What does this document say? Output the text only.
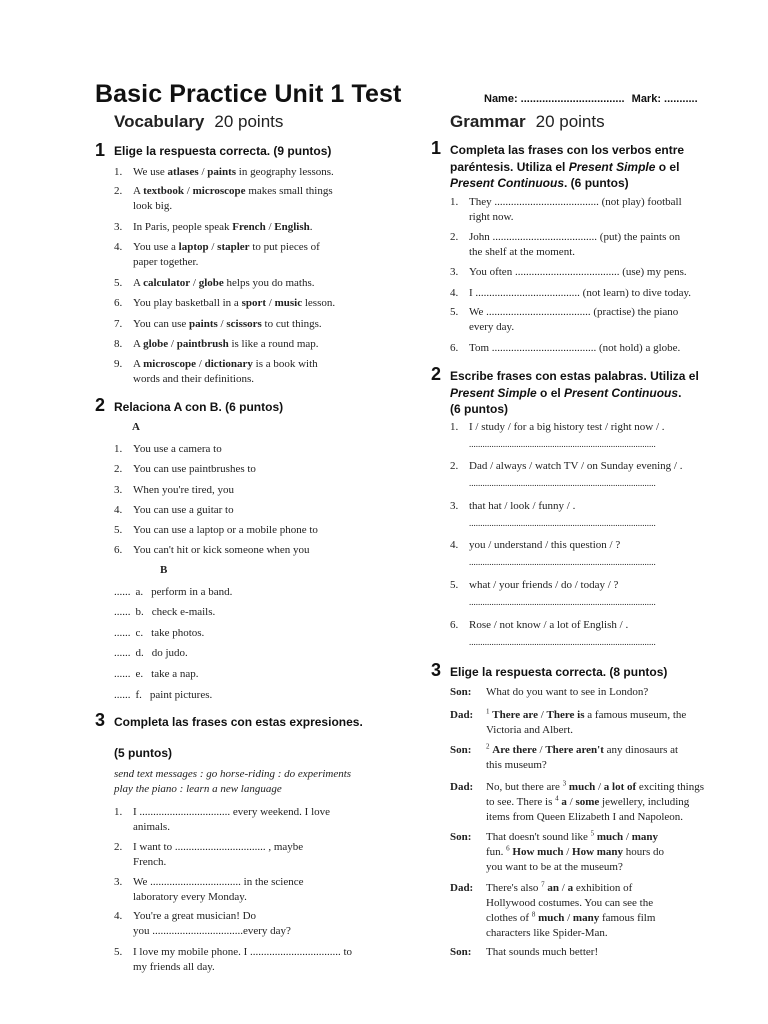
Basic Practice Unit 1 Test	Name: .................................. Mark: ...........
Vocabulary 20 points	Grammar 20 points
1 Elige la respuesta correcta. (9 puntos)
1. We use atlases / paints in geography lessons.
2. A textbook / microscope makes small things
look big.
3. In Paris, people speak French / English.
4. You use a laptop / stapler to put pieces of
paper together.
5. A calculator / globe helps you do maths.
6. You play basketball in a sport / music lesson.
7. You can use paints / scissors to cut things.
8. A globe / paintbrush is like a round map.
9. A microscope / dictionary is a book with
words and their definitions.
2 Relaciona A con B. (6 puntos)
A
1. You use a camera to
2. You can use paintbrushes to
3. When you're tired, you
4. You can use a guitar to
5. You can use a laptop or a mobile phone to
6. You can't hit or kick someone when you
B
...... a. perform in a band.
...... b. check e-mails.
...... c. take photos.
...... d. do judo.
...... e. take a nap.
...... f. paint pictures.
3 Completa las frases con estas expresiones.
(5 puntos)
send text messages : go horse-riding : do experiments
play the piano : learn a new language
1. I ................................. every weekend. I love
animals.
2. I want to ................................. , maybe
French.
3. We ................................. in the science
laboratory every Monday.
4. You're a great musician! Do
you .................................every day?
5. I love my mobile phone. I ................................. to
my friends all day.
1 Completa las frases con los verbos entre
paréntesis. Utiliza el Present Simple o el
Present Continuous. (6 puntos)
1. They ...................................... (not play) football
right now.
2. John ...................................... (put) the paints on
the shelf at the moment.
3. You often ...................................... (use) my pens.
4. I ...................................... (not learn) to dive today.
5. We ...................................... (practise) the piano
every day.
6. Tom ...................................... (not hold) a globe.
2 Escribe frases con estas palabras. Utiliza el
Present Simple o el Present Continuous.
(6 puntos)
1. I / study / for a big history test / right now / .
...................................................................................
2. Dad / always / watch TV / on Sunday evening / .
...................................................................................
3. that hat / look / funny / .
...................................................................................
4. you / understand / this question / ?
...................................................................................
5. what / your friends / do / today / ?
...................................................................................
6. Rose / not know / a lot of English / .
...................................................................................
3 Elige la respuesta correcta. (8 puntos)
Son: What do you want to see in London?
Dad: $^1$ There are / There is a famous museum, the
Victoria and Albert.
Son: $^2$ Are there / There aren't any dinosaurs at
this museum?
Dad: No, but there are $^3$ much / a lot of exciting things
to see. There is $^4$ a / some jewellery, including
items from Queen Elizabeth I and Napoleon.
Son: That doesn't sound like $^5$ much / many
fun. $^6$ How much / How many hours do
you want to be at the museum?
Dad: There's also $^7$ an / a exhibition of
Hollywood costumes. You can see the
clothes of $^8$ much / many famous film
characters like Spider-Man.
Son: That sounds much better!
